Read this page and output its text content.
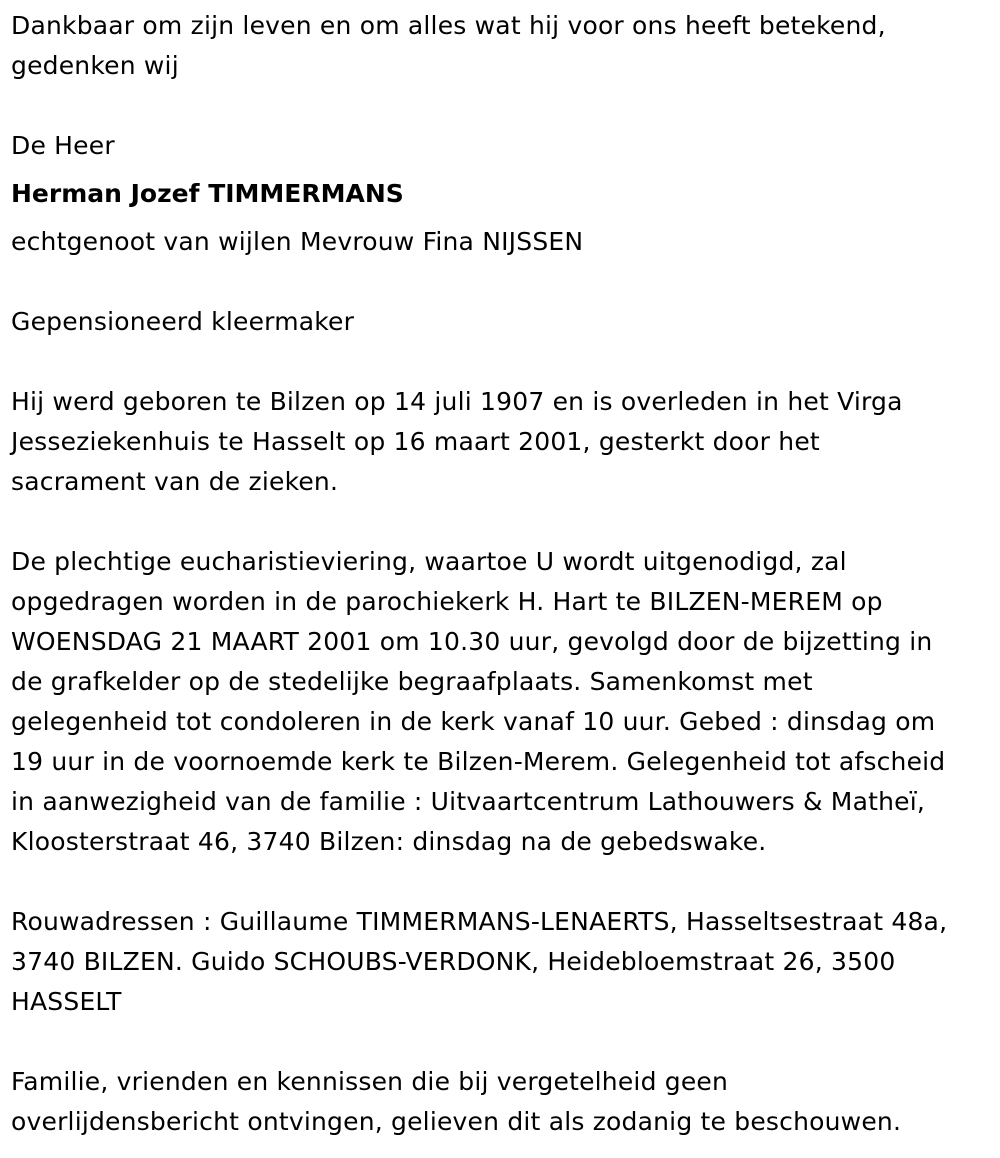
Dankbaar om zijn leven en om alles wat hij voor ons heeft betekend,
gedenken wij
De Heer
Herman Jozef TIMMERMANS
echtgenoot van wijlen Mevrouw Fina NIJSSEN
Gepensioneerd kleermaker
Hij werd geboren te Bilzen op 14 juli 1907 en is overleden in het Virga
Jesseziekenhuis te Hasselt op 16 maart 2001, gesterkt door het
sacrament van de zieken.
De plechtige eucharistieviering, waartoe U wordt uitgenodigd, zal
opgedragen worden in de parochiekerk H. Hart te BILZEN-MEREM op
WOENSDAG 21 MAART 2001 om 10.30 uur, gevolgd door de bijzetting in
de grafkelder op de stedelijke begraafplaats. Samenkomst met
gelegenheid tot condoleren in de kerk vanaf 10 uur. Gebed : dinsdag om
19 uur in de voornoemde kerk te Bilzen-Merem. Gelegenheid tot afscheid
in aanwezigheid van de familie : Uitvaartcentrum Lathouwers & Matheï,
Kloosterstraat 46, 3740 Bilzen: dinsdag na de gebedswake.
Rouwadressen : Guillaume TIMMERMANS-LENAERTS, Hasseltsestraat 48a,
3740 BILZEN. Guido SCHOUBS-VERDONK, Heidebloemstraat 26, 3500
HASSELT
Familie, vrienden en kennissen die bij vergetelheid geen
overlijdensbericht ontvingen, gelieven dit als zodanig te beschouwen.
